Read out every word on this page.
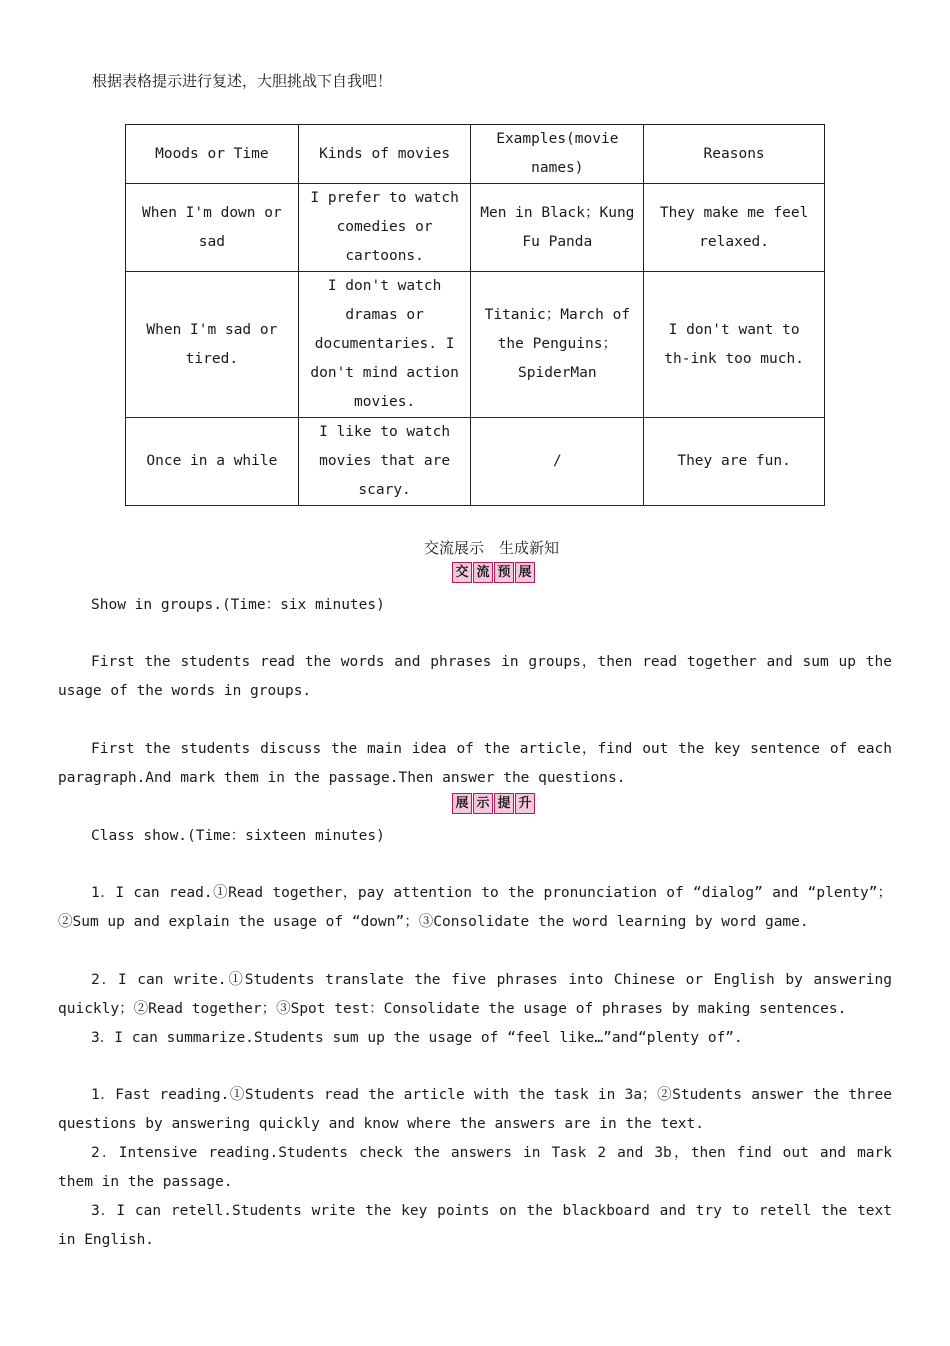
根据表格提示进行复述，大胆挑战下自我吧！
Moods or Time	Kinds of movies	Examples(movie names)	Reasons
When I'm down or sad	I prefer to watch comedies or cartoons.	Men in Black；Kung Fu Panda	They make me feel relaxed.
When I'm sad or tired.	I don't watch dramas or documentaries. I don't mind action movies.	Titanic；March of the Penguins；SpiderMan	I don't want to th-ink too much.
Once in a while	I like to watch movies that are scary.	/	They are fun.
交流展示　生成新知
交 流 预 展
Show in groups.(Time：six minutes)
First the students read the words and phrases in groups，then read together and sum up the usage of the words in groups.
First the students discuss the main idea of the article，find out the key sentence of each paragraph.And mark them in the passage.Then answer the questions.
展 示 提 升
Class show.(Time：sixteen minutes)
1．I can read.①Read together，pay attention to the pronunciation of “dialog” and “plenty”；②Sum up and explain the usage of “down”；③Consolidate the word learning by word game.
2．I can write.①Students translate the five phrases into Chinese or English by answering quickly；②Read together；③Spot test：Consolidate the usage of phrases by making sentences.
3．I can summarize.Students sum up the usage of “feel like…”and“plenty of”.
1．Fast reading.①Students read the article with the task in 3a；②Students answer the three questions by answering quickly and know where the answers are in the text.
2．Intensive reading.Students check the answers in Task 2 and 3b，then find out and mark them in the passage.
3．I can retell.Students write the key points on the blackboard and try to retell the text in English.
